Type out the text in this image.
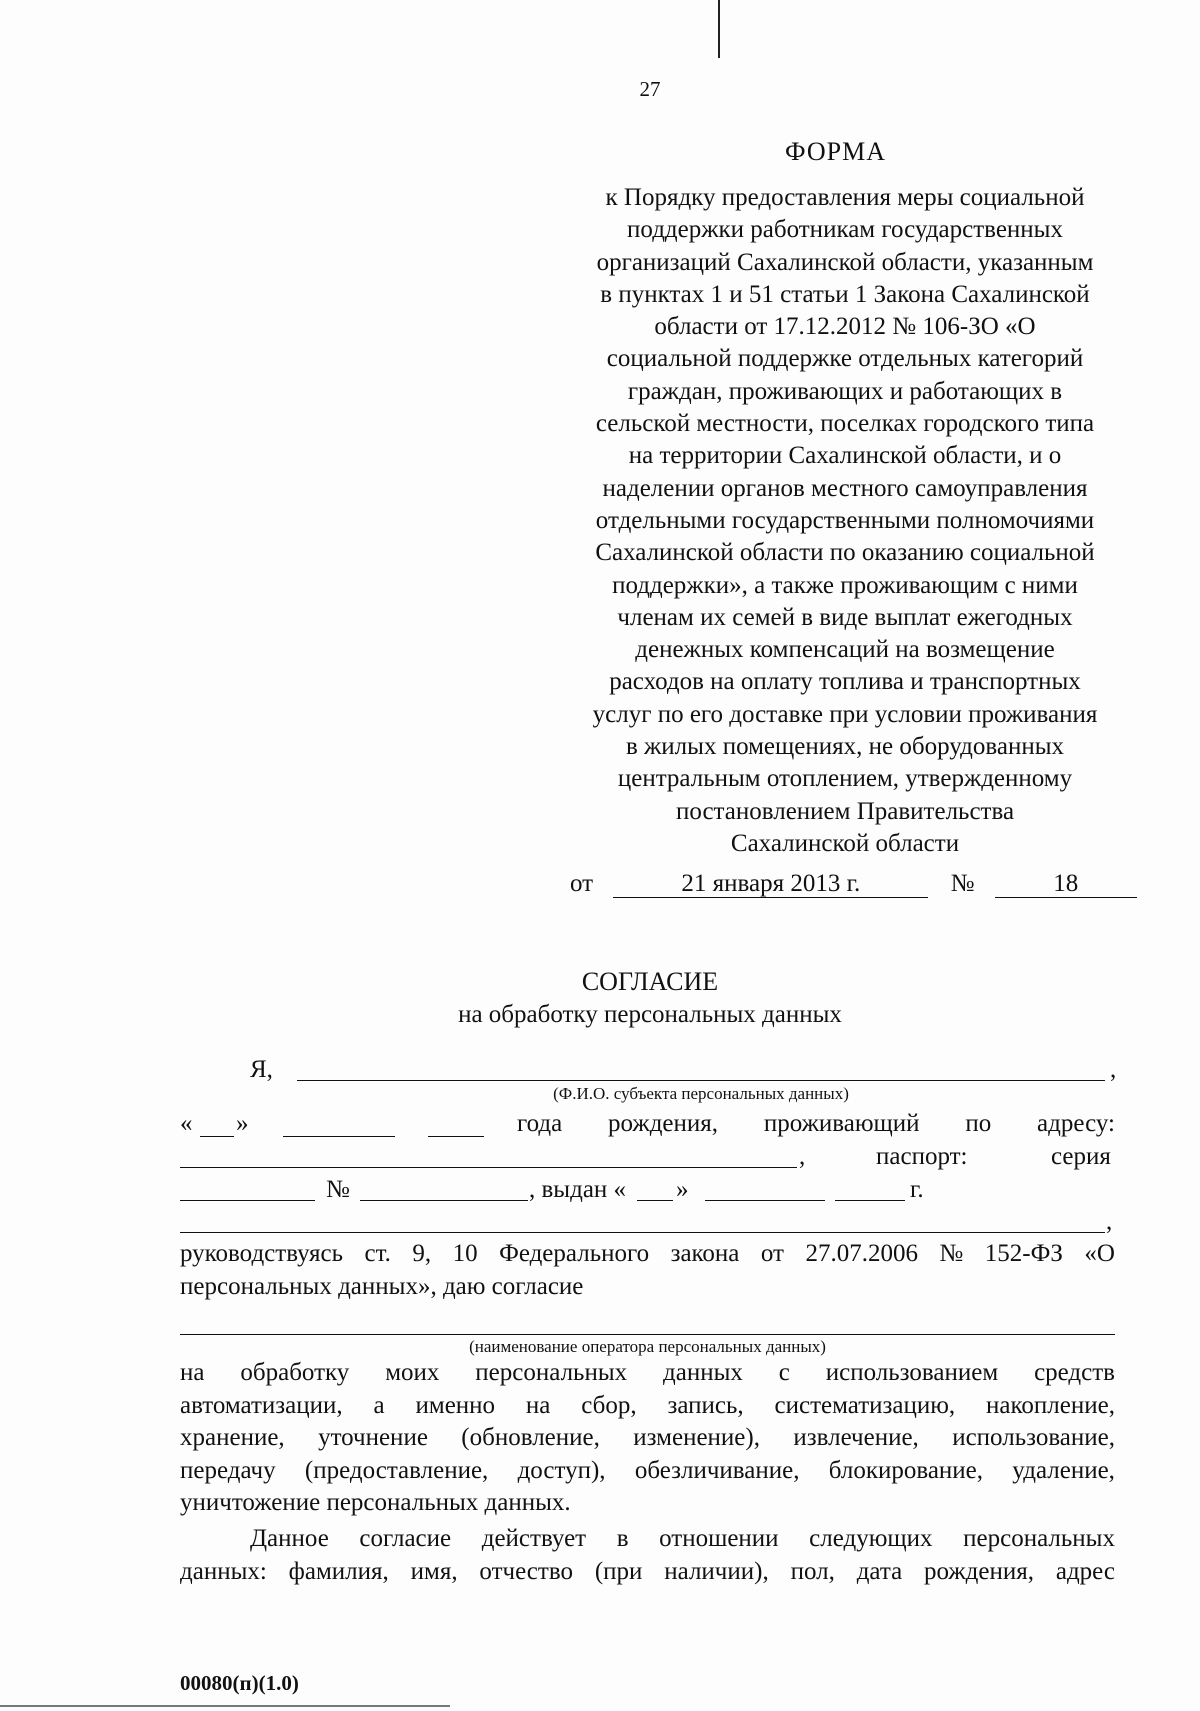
27
ФОРМА
к Порядку предоставления меры социальной
поддержки работникам государственных
организаций Сахалинской области, указанным
в пунктах 1 и 51 статьи 1 Закона Сахалинской
области от 17.12.2012 № 106-ЗО «О
социальной поддержке отдельных категорий
граждан, проживающих и работающих в
сельской местности, поселках городского типа
на территории Сахалинской области, и о
наделении органов местного самоуправления
отдельными государственными полномочиями
Сахалинской области по оказанию социальной
поддержки», а также проживающим с ними
членам их семей в виде выплат ежегодных
денежных компенсаций на возмещение
расходов на оплату топлива и транспортных
услуг по его доставке при условии проживания
в жилых помещениях, не оборудованных
центральным отоплением, утвержденному
постановлением Правительства
Сахалинской области
от	21 января 2013 г.	№	18
СОГЛАСИЕ
на обработку персональных данных
Я,	,
(Ф.И.О. субъекта персональных данных)
« »	года рождения, проживающий по адресу:
,	паспорт:	серия
№	, выдан « »	г.
,
руководствуясь ст. 9, 10 Федерального закона от 27.07.2006 № 152-ФЗ «О
персональных данных», даю согласие
(наименование оператора персональных данных)
на обработку моих персональных данных с использованием средств
автоматизации, а именно на сбор, запись, систематизацию, накопление,
хранение, уточнение (обновление, изменение), извлечение, использование,
передачу (предоставление, доступ), обезличивание, блокирование, удаление,
уничтожение персональных данных.
Данное согласие действует в отношении следующих персональных
данных: фамилия, имя, отчество (при наличии), пол, дата рождения, адрес
00080(п)(1.0)
